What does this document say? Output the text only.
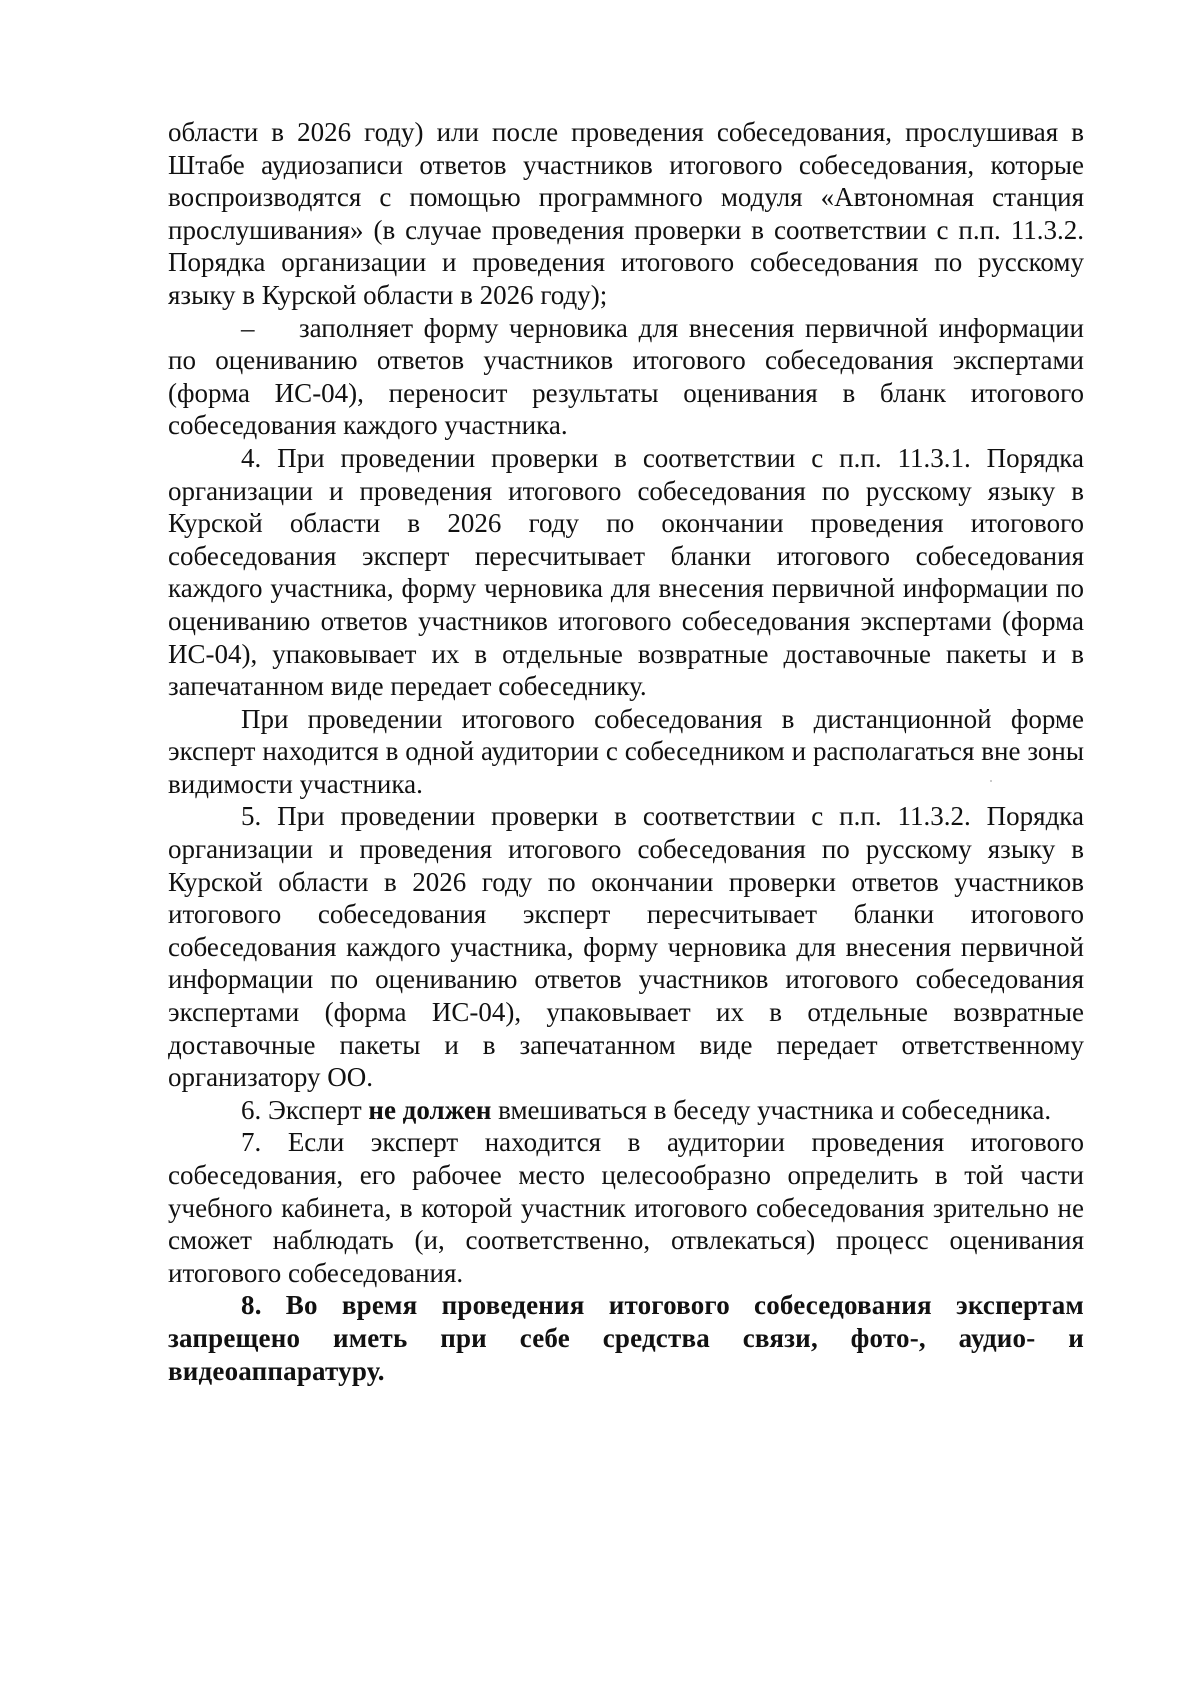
области в 2026 году) или после проведения собеседования, прослушивая в Штабе аудиозаписи ответов участников итогового собеседования, которые воспроизводятся с помощью программного модуля «Автономная станция прослушивания» (в случае проведения проверки в соответствии с п.п. 11.3.2. Порядка организации и проведения итогового собеседования по русскому языку в Курской области в 2026 году);

– заполняет форму черновика для внесения первичной информации по оцениванию ответов участников итогового собеседования экспертами (форма ИС-04), переносит результаты оценивания в бланк итогового собеседования каждого участника.

4. При проведении проверки в соответствии с п.п. 11.3.1. Порядка организации и проведения итогового собеседования по русскому языку в Курской области в 2026 году по окончании проведения итогового собеседования эксперт пересчитывает бланки итогового собеседования каждого участника, форму черновика для внесения первичной информации по оцениванию ответов участников итогового собеседования экспертами (форма ИС-04), упаковывает их в отдельные возвратные доставочные пакеты и в запечатанном виде передает собеседнику.

При проведении итогового собеседования в дистанционной форме эксперт находится в одной аудитории с собеседником и располагаться вне зоны видимости участника.

5. При проведении проверки в соответствии с п.п. 11.3.2. Порядка организации и проведения итогового собеседования по русскому языку в Курской области в 2026 году по окончании проверки ответов участников итогового собеседования эксперт пересчитывает бланки итогового собеседования каждого участника, форму черновика для внесения первичной информации по оцениванию ответов участников итогового собеседования экспертами (форма ИС-04), упаковывает их в отдельные возвратные доставочные пакеты и в запечатанном виде передает ответственному организатору ОО.

6. Эксперт не должен вмешиваться в беседу участника и собеседника.

7. Если эксперт находится в аудитории проведения итогового собеседования, его рабочее место целесообразно определить в той части учебного кабинета, в которой участник итогового собеседования зрительно не сможет наблюдать (и, соответственно, отвлекаться) процесс оценивания итогового собеседования.

8. Во время проведения итогового собеседования экспертам запрещено иметь при себе средства связи, фото-, аудио- и видеоаппаратуру.
